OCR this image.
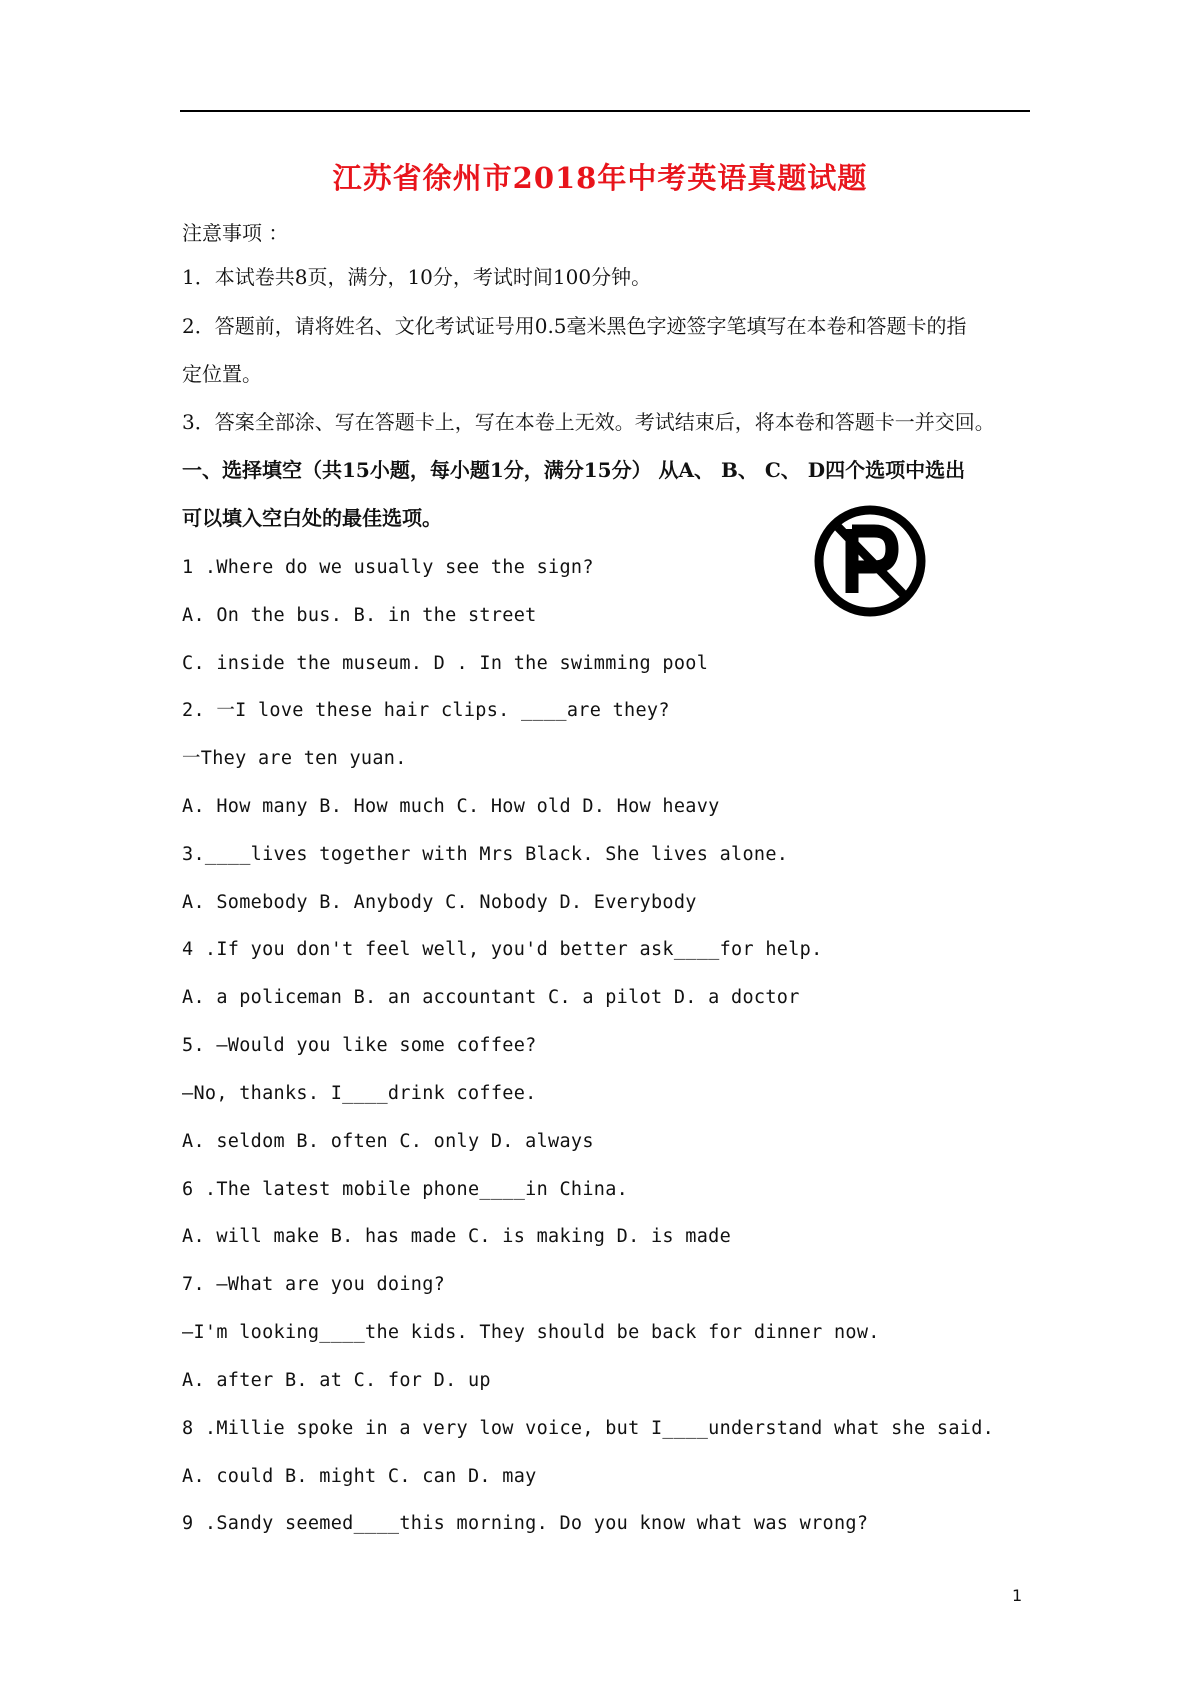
江苏省徐州市2018年中考英语真题试题
注意事项 ：
1．本试卷共8页，满分，10分，考试时间100分钟。
2．答题前，请将姓名、文化考试证号用0.5毫米黑色字迹签字笔填写在本卷和答题卡的指
定位置。
3．答案全部涂、写在答题卡上，写在本卷上无效。考试结束后，将本卷和答题卡一并交回。
一、选择填空（共15小题，每小题1分，满分15分） 从A、 B、 C、 D四个选项中选出
可以填入空白处的最佳选项。
1 .Where do we usually see the sign?
A. On the bus. B. in the street
C. inside the museum. D . In the swimming pool
2. 一I love these hair clips. ____are they?
一They are ten yuan.
A. How many B. How much C. How old D. How heavy
3.____lives together with Mrs Black. She lives alone.
A. Somebody B. Anybody C. Nobody D. Everybody
4 .If you don't feel well, you'd better ask____for help.
A. a policeman B. an accountant C. a pilot D. a doctor
5. —Would you like some coffee?
—No, thanks. I____drink coffee.
A. seldom B. often C. only D. always
6 .The latest mobile phone____in China.
A. will make B. has made C. is making D. is made
7. —What are you doing?
—I'm looking____the kids. They should be back for dinner now.
A. after B. at C. for D. up
8 .Millie spoke in a very low voice, but I____understand what she said.
A. could B. might C. can D. may
9 .Sandy seemed____this morning. Do you know what was wrong?
1
